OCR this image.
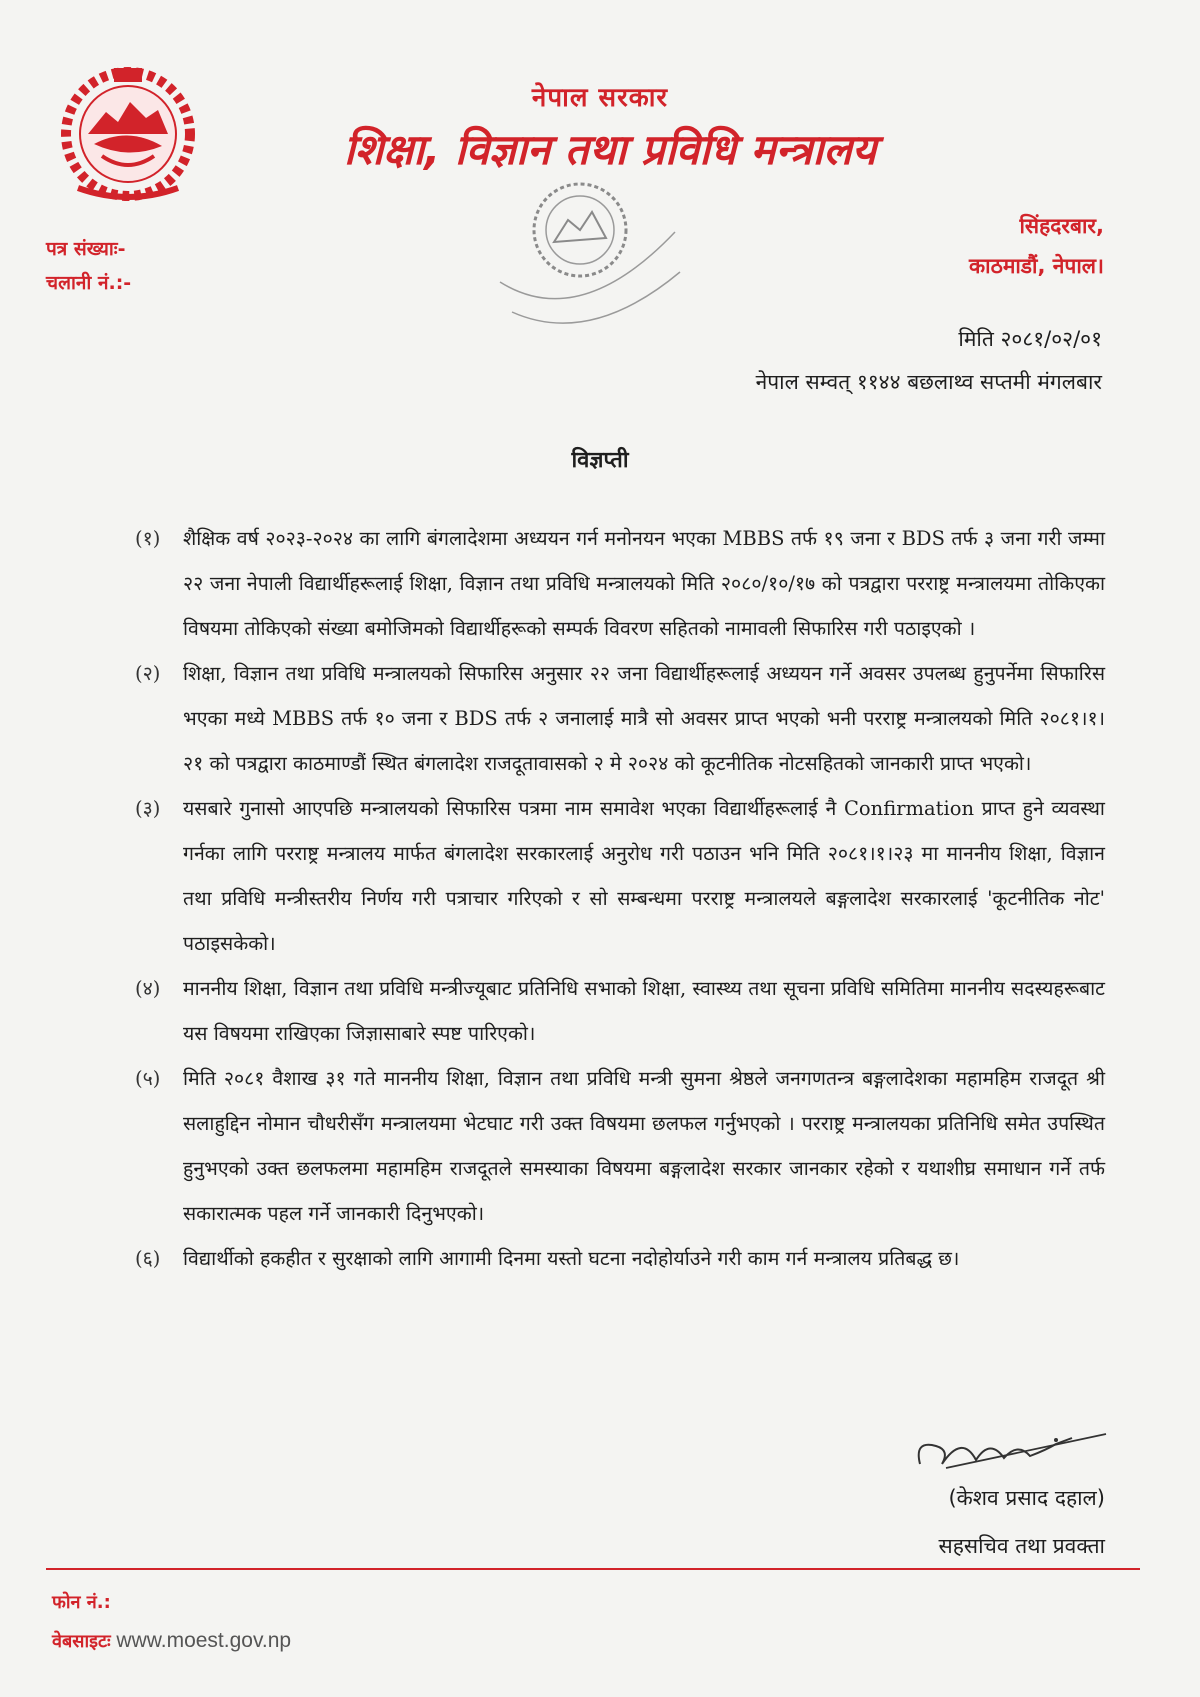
नेपाल सरकार
शिक्षा, विज्ञान तथा प्रविधि मन्त्रालय
पत्र संख्याः-
चलानी नं.:-
सिंहदरबार,
काठमाडौं, नेपाल।
मिति २०८१/०२/०१
नेपाल सम्वत् ११४४ बछलाथ्व सप्तमी मंगलबार
विज्ञप्ती

(१)	शैक्षिक वर्ष २०२३-२०२४ का लागि बंगलादेशमा अध्ययन गर्न मनोनयन भएका MBBS तर्फ १९ जना र BDS तर्फ ३ जना गरी जम्मा २२ जना नेपाली विद्यार्थीहरूलाई शिक्षा, विज्ञान तथा प्रविधि मन्त्रालयको मिति २०८०/१०/१७ को पत्रद्वारा परराष्ट्र मन्त्रालयमा तोकिएका विषयमा तोकिएको संख्या बमोजिमको विद्यार्थीहरूको सम्पर्क विवरण सहितको नामावली सिफारिस गरी पठाइएको ।

(२)	शिक्षा, विज्ञान तथा प्रविधि मन्त्रालयको सिफारिस अनुसार २२ जना विद्यार्थीहरूलाई अध्ययन गर्ने अवसर उपलब्ध हुनुपर्नेमा सिफारिस भएका मध्ये MBBS तर्फ १० जना र BDS तर्फ २ जनालाई मात्रै सो अवसर प्राप्त भएको भनी परराष्ट्र मन्त्रालयको मिति २०८१।१।२१ को पत्रद्वारा काठमाण्डौं स्थित बंगलादेश राजदूतावासको २ मे २०२४ को कूटनीतिक नोटसहितको जानकारी प्राप्त भएको।

(३)	यसबारे गुनासो आएपछि मन्त्रालयको सिफारिस पत्रमा नाम समावेश भएका विद्यार्थीहरूलाई नै Confirmation प्राप्त हुने व्यवस्था गर्नका लागि परराष्ट्र मन्त्रालय मार्फत बंगलादेश सरकारलाई अनुरोध गरी पठाउन भनि मिति २०८१।१।२३ मा माननीय शिक्षा, विज्ञान तथा प्रविधि मन्त्रीस्तरीय निर्णय गरी पत्राचार गरिएको र सो सम्बन्धमा परराष्ट्र मन्त्रालयले बङ्गलादेश सरकारलाई 'कूटनीतिक नोट' पठाइसकेको।

(४)	माननीय शिक्षा, विज्ञान तथा प्रविधि मन्त्रीज्यूबाट प्रतिनिधि सभाको शिक्षा, स्वास्थ्य तथा सूचना प्रविधि समितिमा माननीय सदस्यहरूबाट यस विषयमा राखिएका जिज्ञासाबारे स्पष्ट पारिएको।

(५)	मिति २०८१ वैशाख ३१ गते माननीय शिक्षा, विज्ञान तथा प्रविधि मन्त्री सुमना श्रेष्ठले जनगणतन्त्र बङ्गलादेशका महामहिम राजदूत श्री सलाहुद्दिन नोमान चौधरीसँग मन्त्रालयमा भेटघाट गरी उक्त विषयमा छलफल गर्नुभएको । परराष्ट्र मन्त्रालयका प्रतिनिधि समेत उपस्थित हुनुभएको उक्त छलफलमा महामहिम राजदूतले समस्याका विषयमा बङ्गलादेश सरकार जानकार रहेको र यथाशीघ्र समाधान गर्ने तर्फ सकारात्मक पहल गर्ने जानकारी दिनुभएको।

(६)	विद्यार्थीको हकहीत र सुरक्षाको लागि आगामी दिनमा यस्तो घटना नदोहोर्याउने गरी काम गर्न मन्त्रालय प्रतिबद्ध छ।

(केशव प्रसाद दहाल)
सहसचिव तथा प्रवक्ता
फोन नं.:
वेबसाइटः www.moest.gov.np
